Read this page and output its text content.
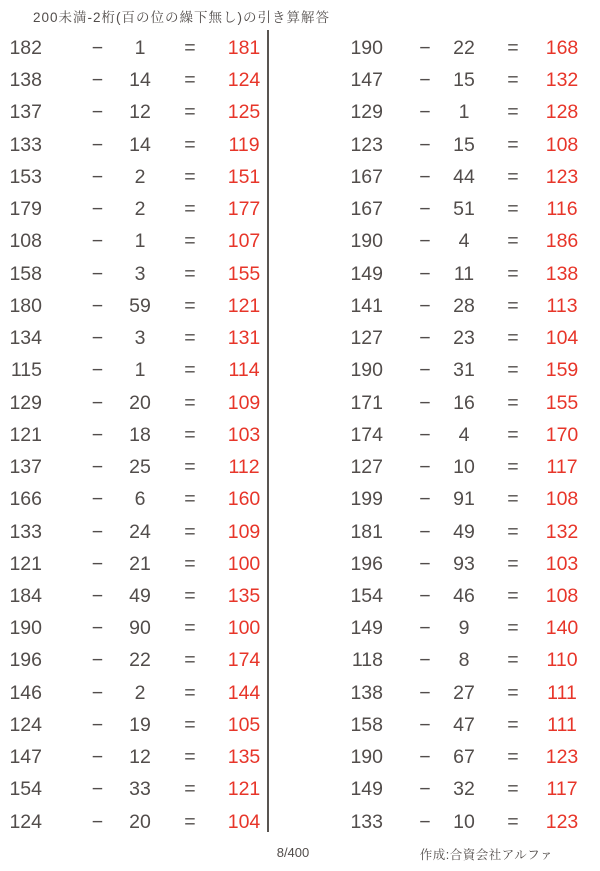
200未満-2桁(百の位の繰下無し)の引き算解答
182	−	1	=	181
138	−	14	=	124
137	−	12	=	125
133	−	14	=	119
153	−	2	=	151
179	−	2	=	177
108	−	1	=	107
158	−	3	=	155
180	−	59	=	121
134	−	3	=	131
115	−	1	=	114
129	−	20	=	109
121	−	18	=	103
137	−	25	=	112
166	−	6	=	160
133	−	24	=	109
121	−	21	=	100
184	−	49	=	135
190	−	90	=	100
196	−	22	=	174
146	−	2	=	144
124	−	19	=	105
147	−	12	=	135
154	−	33	=	121
124	−	20	=	104
190	−	22	=	168
147	−	15	=	132
129	−	1	=	128
123	−	15	=	108
167	−	44	=	123
167	−	51	=	116
190	−	4	=	186
149	−	11	=	138
141	−	28	=	113
127	−	23	=	104
190	−	31	=	159
171	−	16	=	155
174	−	4	=	170
127	−	10	=	117
199	−	91	=	108
181	−	49	=	132
196	−	93	=	103
154	−	46	=	108
149	−	9	=	140
118	−	8	=	110
138	−	27	=	111
158	−	47	=	111
190	−	67	=	123
149	−	32	=	117
133	−	10	=	123
8/400	作成:合資会社アルファ
